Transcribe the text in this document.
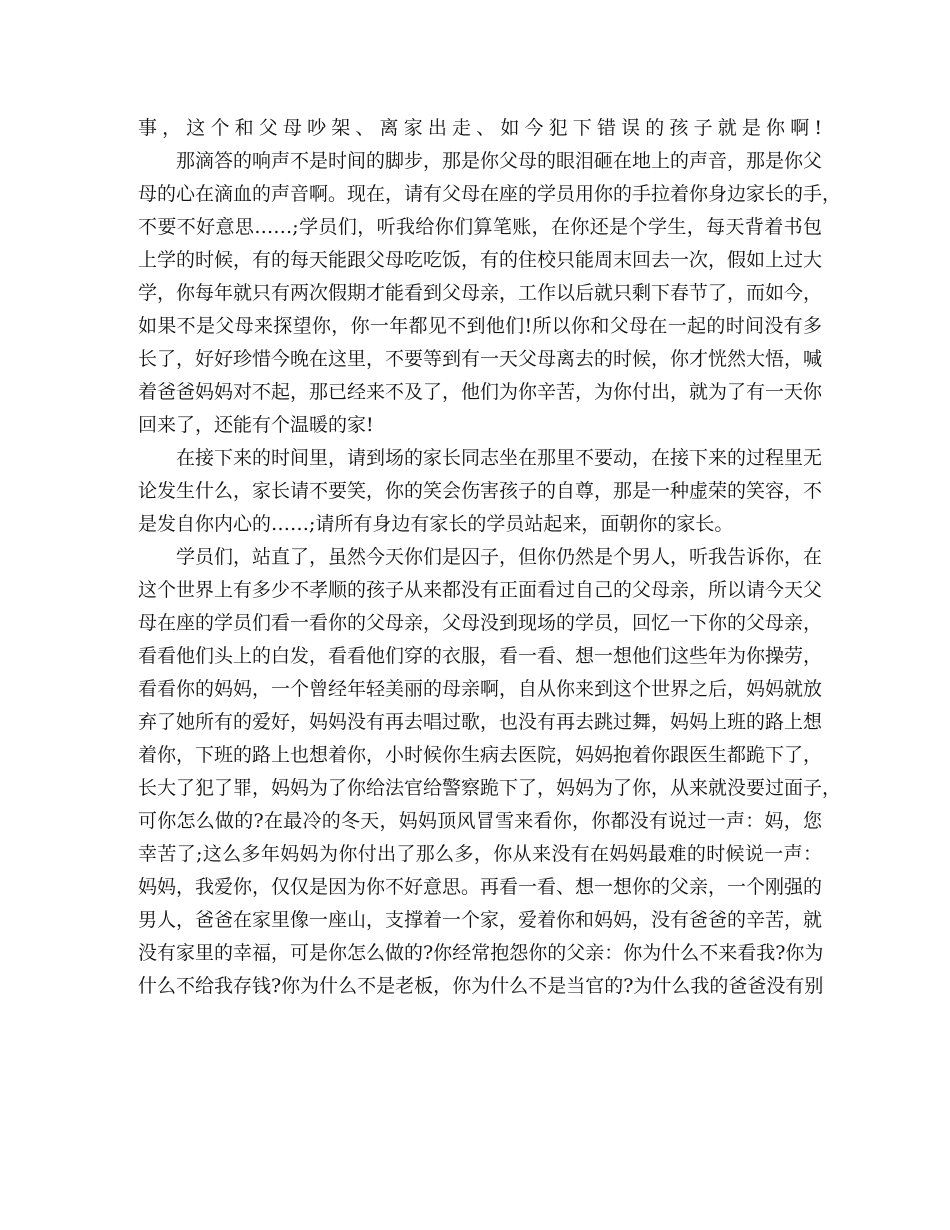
事，这个和父母吵架、离家出走、如今犯下错误的孩子就是你啊!
那滴答的响声不是时间的脚步，那是你父母的眼泪砸在地上的声音，那是你父
母的心在滴血的声音啊。现在，请有父母在座的学员用你的手拉着你身边家长的手，
不要不好意思……;学员们，听我给你们算笔账，在你还是个学生，每天背着书包
上学的时候，有的每天能跟父母吃吃饭，有的住校只能周末回去一次，假如上过大
学，你每年就只有两次假期才能看到父母亲，工作以后就只剩下春节了，而如今，
如果不是父母来探望你，你一年都见不到他们!所以你和父母在一起的时间没有多
长了，好好珍惜今晚在这里，不要等到有一天父母离去的时候，你才恍然大悟，喊
着爸爸妈妈对不起，那已经来不及了，他们为你辛苦，为你付出，就为了有一天你
回来了，还能有个温暖的家!
在接下来的时间里，请到场的家长同志坐在那里不要动，在接下来的过程里无
论发生什么，家长请不要笑，你的笑会伤害孩子的自尊，那是一种虚荣的笑容，不
是发自你内心的……;请所有身边有家长的学员站起来，面朝你的家长。
学员们，站直了，虽然今天你们是囚子，但你仍然是个男人，听我告诉你，在
这个世界上有多少不孝顺的孩子从来都没有正面看过自己的父母亲，所以请今天父
母在座的学员们看一看你的父母亲，父母没到现场的学员，回忆一下你的父母亲，
看看他们头上的白发，看看他们穿的衣服，看一看、想一想他们这些年为你操劳，
看看你的妈妈，一个曾经年轻美丽的母亲啊，自从你来到这个世界之后，妈妈就放
弃了她所有的爱好，妈妈没有再去唱过歌，也没有再去跳过舞，妈妈上班的路上想
着你，下班的路上也想着你，小时候你生病去医院，妈妈抱着你跟医生都跪下了，
长大了犯了罪，妈妈为了你给法官给警察跪下了，妈妈为了你，从来就没要过面子，
可你怎么做的?在最冷的冬天，妈妈顶风冒雪来看你，你都没有说过一声：妈，您
幸苦了;这么多年妈妈为你付出了那么多，你从来没有在妈妈最难的时候说一声：
妈妈，我爱你，仅仅是因为你不好意思。再看一看、想一想你的父亲，一个刚强的
男人，爸爸在家里像一座山，支撑着一个家，爱着你和妈妈，没有爸爸的辛苦，就
没有家里的幸福，可是你怎么做的?你经常抱怨你的父亲：你为什么不来看我?你为
什么不给我存钱?你为什么不是老板，你为什么不是当官的?为什么我的爸爸没有别
